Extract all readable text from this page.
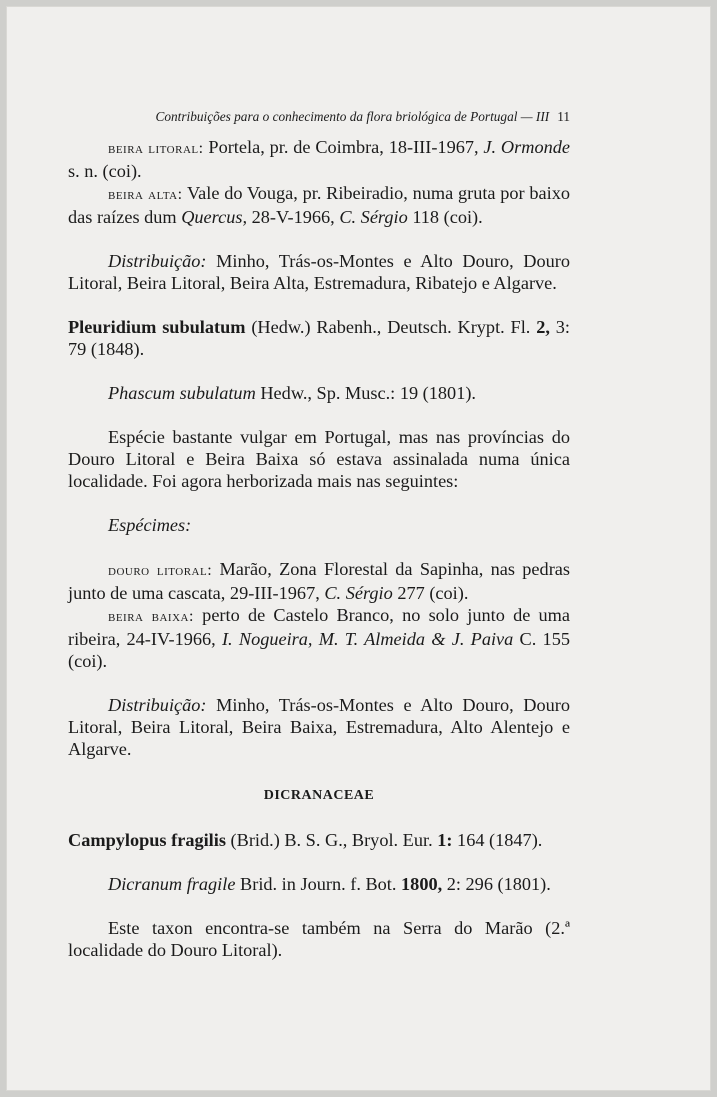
Contribuições para o conhecimento da flora briológica de Portugal — III 11

beira litoral: Portela, pr. de Coimbra, 18-III-1967, J. Ormonde s. n. (coi).

beira alta: Vale do Vouga, pr. Ribeiradio, numa gruta por baixo das raízes dum Quercus, 28-V-1966, C. Sérgio 118 (coi).

Distribuição: Minho, Trás-os-Montes e Alto Douro, Douro Litoral, Beira Litoral, Beira Alta, Estremadura, Ribatejo e Algarve.

Pleuridium subulatum (Hedw.) Rabenh., Deutsch. Krypt. Fl. 2, 3: 79 (1848).

Phascum subulatum Hedw., Sp. Musc.: 19 (1801).

Espécie bastante vulgar em Portugal, mas nas províncias do Douro Litoral e Beira Baixa só estava assinalada numa única localidade. Foi agora herborizada mais nas seguintes:

Espécimes:

douro litoral: Marão, Zona Florestal da Sapinha, nas pedras junto de uma cascata, 29-III-1967, C. Sérgio 277 (coi).

beira baixa: perto de Castelo Branco, no solo junto de uma ribeira, 24-IV-1966, I. Nogueira, M. T. Almeida & J. Paiva C. 155 (coi).

Distribuição: Minho, Trás-os-Montes e Alto Douro, Douro Litoral, Beira Litoral, Beira Baixa, Estremadura, Alto Alentejo e Algarve.

DICRANACEAE

Campylopus fragilis (Brid.) B. S. G., Bryol. Eur. 1: 164 (1847).

Dicranum fragile Brid. in Journ. f. Bot. 1800, 2: 296 (1801).

Este taxon encontra-se também na Serra do Marão (2.ª localidade do Douro Litoral).
